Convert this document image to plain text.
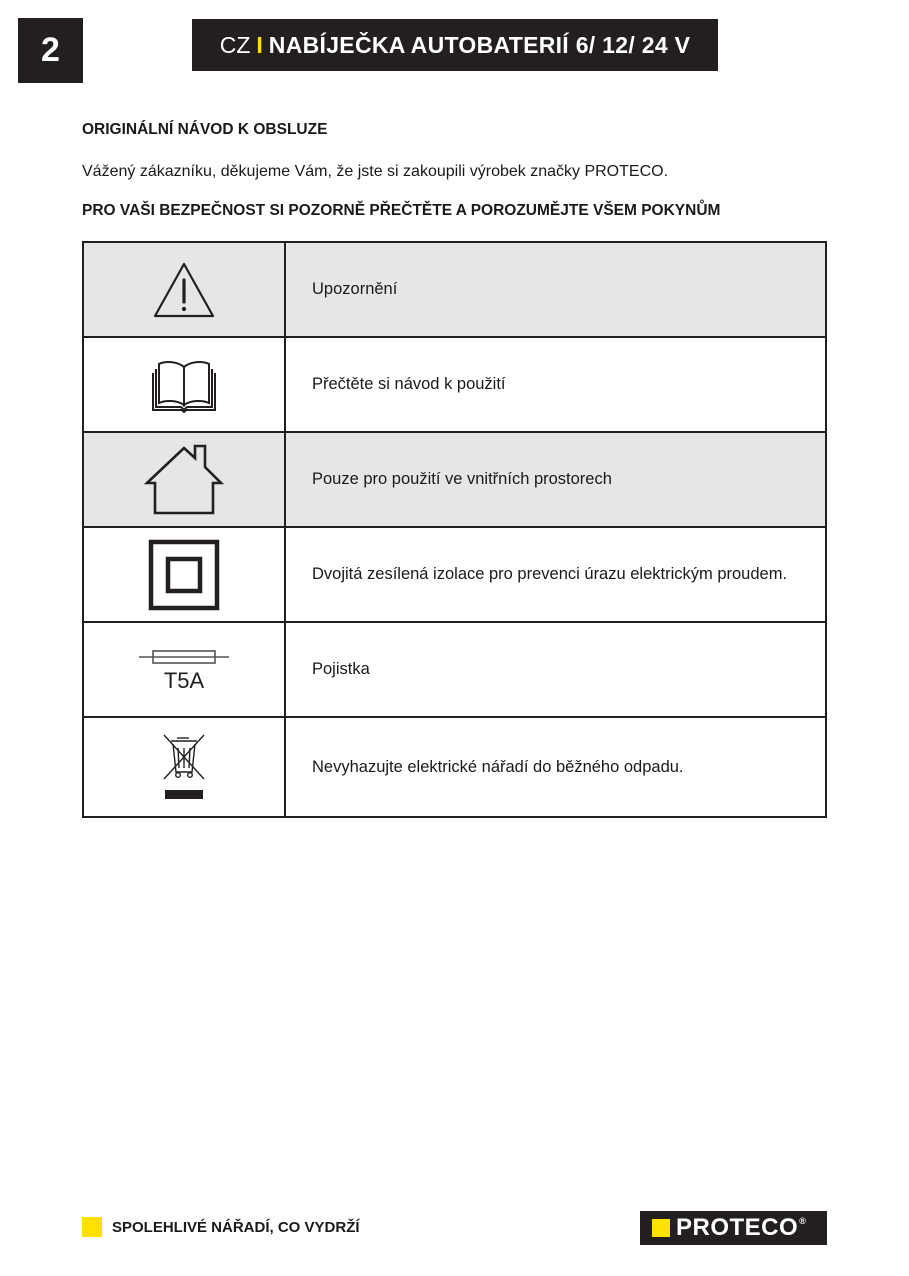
2	CZ I NABÍJEČKA AUTOBATERIÍ 6/ 12/ 24 V
ORIGINÁLNÍ NÁVOD K OBSLUZE
Vážený zákazníku, děkujeme Vám, že jste si zakoupili výrobek značky PROTECO.
PRO VAŠI BEZPEČNOST SI POZORNĚ PŘEČTĚTE A POROZUMĚJTE VŠEM POKYNŮM
	Upozornění

	Přečtěte si návod k použití

	Pouze pro použití ve vnitřních prostorech

	Dvojitá zesílená izolace pro prevenci úrazu elektrickým proudem.

T5A	Pojistka

	Nevyhazujte elektrické nářadí do běžného odpadu.
SPOLEHLIVÉ NÁŘADÍ, CO VYDRŽÍ	PROTECO ®
